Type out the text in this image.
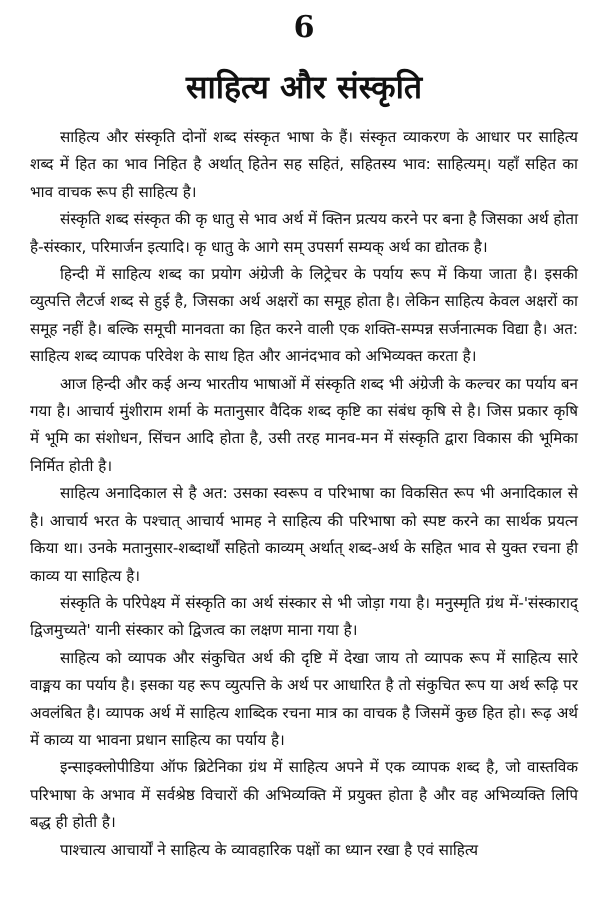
6
साहित्य और संस्कृति

साहित्य और संस्कृति दोनों शब्द संस्कृत भाषा के हैं। संस्कृत व्याकरण के आधार पर साहित्य शब्द में हित का भाव निहित है अर्थात् हितेन सह सहितं, सहितस्य भाव: साहित्यम्। यहाँ सहित का भाव वाचक रूप ही साहित्य है।

संस्कृति शब्द संस्कृत की कृ धातु से भाव अर्थ में क्तिन प्रत्यय करने पर बना है जिसका अर्थ होता है-संस्कार, परिमार्जन इत्यादि। कृ धातु के आगे सम् उपसर्ग सम्यक् अर्थ का द्योतक है।

हिन्दी में साहित्य शब्द का प्रयोग अंग्रेजी के लिट्रेचर के पर्याय रूप में किया जाता है। इसकी व्युत्पत्ति लैटर्ज शब्द से हुई है, जिसका अर्थ अक्षरों का समूह होता है। लेकिन साहित्य केवल अक्षरों का समूह नहीं है। बल्कि समूची मानवता का हित करने वाली एक शक्ति-सम्पन्न सर्जनात्मक विद्या है। अत: साहित्य शब्द व्यापक परिवेश के साथ हित और आनंदभाव को अभिव्यक्त करता है।

आज हिन्दी और कई अन्य भारतीय भाषाओं में संस्कृति शब्द भी अंग्रेजी के कल्चर का पर्याय बन गया है। आचार्य मुंशीराम शर्मा के मतानुसार वैदिक शब्द कृष्टि का संबंध कृषि से है। जिस प्रकार कृषि में भूमि का संशोधन, सिंचन आदि होता है, उसी तरह मानव-मन में संस्कृति द्वारा विकास की भूमिका निर्मित होती है।

साहित्य अनादिकाल से है अत: उसका स्वरूप व परिभाषा का विकसित रूप भी अनादिकाल से है। आचार्य भरत के पश्चात् आचार्य भामह ने साहित्य की परिभाषा को स्पष्ट करने का सार्थक प्रयत्न किया था। उनके मतानुसार-शब्दार्थों सहितो काव्यम् अर्थात् शब्द-अर्थ के सहित भाव से युक्त रचना ही काव्य या साहित्य है।

संस्कृति के परिपेक्ष्य में संस्कृति का अर्थ संस्कार से भी जोड़ा गया है। मनुस्मृति ग्रंथ में-'संस्काराद् द्विजमुच्यते' यानी संस्कार को द्विजत्व का लक्षण माना गया है।

साहित्य को व्यापक और संकुचित अर्थ की दृष्टि में देखा जाय तो व्यापक रूप में साहित्य सारे वाङ्मय का पर्याय है। इसका यह रूप व्युत्पत्ति के अर्थ पर आधारित है तो संकुचित रूप या अर्थ रूढ़ि पर अवलंबित है। व्यापक अर्थ में साहित्य शाब्दिक रचना मात्र का वाचक है जिसमें कुछ हित हो। रूढ़ अर्थ में काव्य या भावना प्रधान साहित्य का पर्याय है।

इन्साइक्लोपीडिया ऑफ ब्रिटेनिका ग्रंथ में साहित्य अपने में एक व्यापक शब्द है, जो वास्तविक परिभाषा के अभाव में सर्वश्रेष्ठ विचारों की अभिव्यक्ति में प्रयुक्त होता है और वह अभिव्यक्ति लिपि बद्ध ही होती है।

पाश्चात्य आचार्यों ने साहित्य के व्यावहारिक पक्षों का ध्यान रखा है एवं साहित्य
